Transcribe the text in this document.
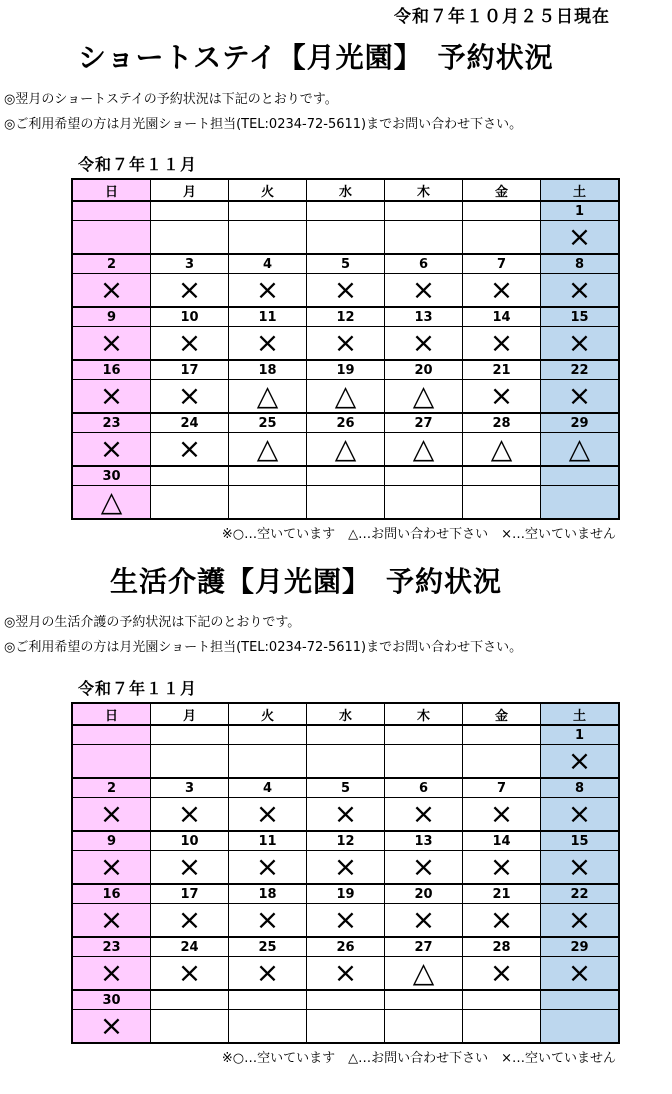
令和７年１０月２５日現在
ショートステイ【月光園】　予約状況
◎翌月のショートステイの予約状況は下記のとおりです。
◎ご利用希望の方は月光園ショート担当(TEL:0234-72-5611)までお問い合わせ下さい。
令和７年１１月
日	月	火	水	木	金	土
						1
						×
2	3	4	5	6	7	8
×	×	×	×	×	×	×
9	10	11	12	13	14	15
×	×	×	×	×	×	×
16	17	18	19	20	21	22
×	×	△	△	△	×	×
23	24	25	26	27	28	29
×	×	△	△	△	△	△
30						
△						
※○…空いています　△…お問い合わせ下さい　×…空いていません
生活介護【月光園】　予約状況
◎翌月の生活介護の予約状況は下記のとおりです。
◎ご利用希望の方は月光園ショート担当(TEL:0234-72-5611)までお問い合わせ下さい。
令和７年１１月
日	月	火	水	木	金	土
						1
						×
2	3	4	5	6	7	8
×	×	×	×	×	×	×
9	10	11	12	13	14	15
×	×	×	×	×	×	×
16	17	18	19	20	21	22
×	×	×	×	×	×	×
23	24	25	26	27	28	29
×	×	×	×	△	×	×
30						
×						
※○…空いています　△…お問い合わせ下さい　×…空いていません
